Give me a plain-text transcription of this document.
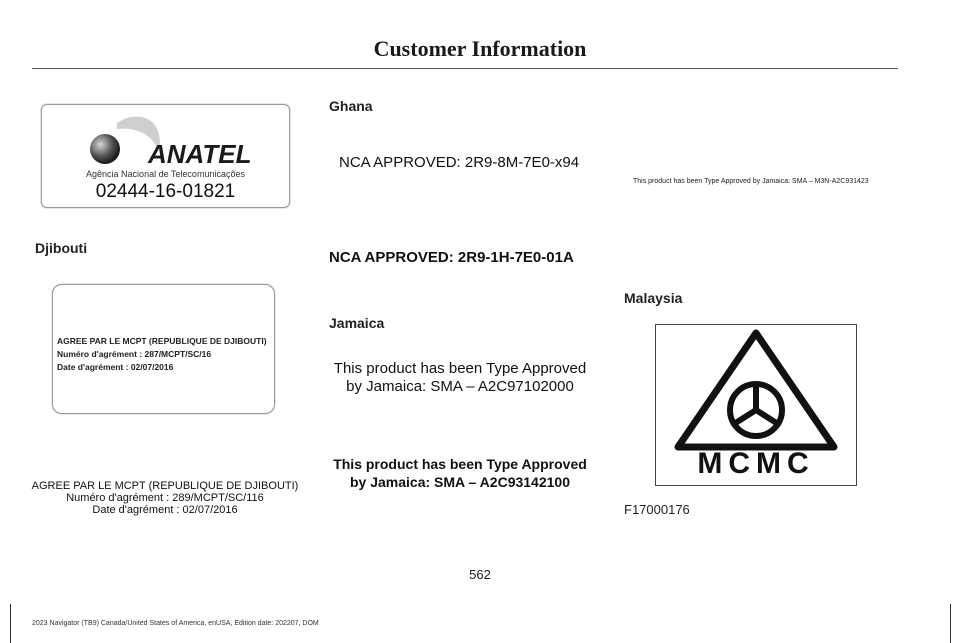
Customer Information
ANATEL
Agência Nacional de Telecomunicações
02444-16-01821
Djibouti
AGREE PAR LE MCPT (REPUBLIQUE DE DJIBOUTI)
Numéro d'agrément : 287/MCPT/SC/16
Date d'agrément : 02/07/2016
AGREE PAR LE MCPT (REPUBLIQUE DE DJIBOUTI)
Numéro d'agrément : 289/MCPT/SC/116
Date d'agrément : 02/07/2016
Ghana
NCA APPROVED: 2R9-8M-7E0-x94
NCA APPROVED: 2R9-1H-7E0-01A
This product has been Type Approved by Jamaica: SMA – M3N-A2C931423
Jamaica
This product has been Type Approved
by Jamaica: SMA – A2C97102000
This product has been Type Approved
by Jamaica: SMA – A2C93142100
Malaysia
MCMC
F17000176
562
2023 Navigator (TB9) Canada/United States of America, enUSA, Edition date: 202207, DOM
